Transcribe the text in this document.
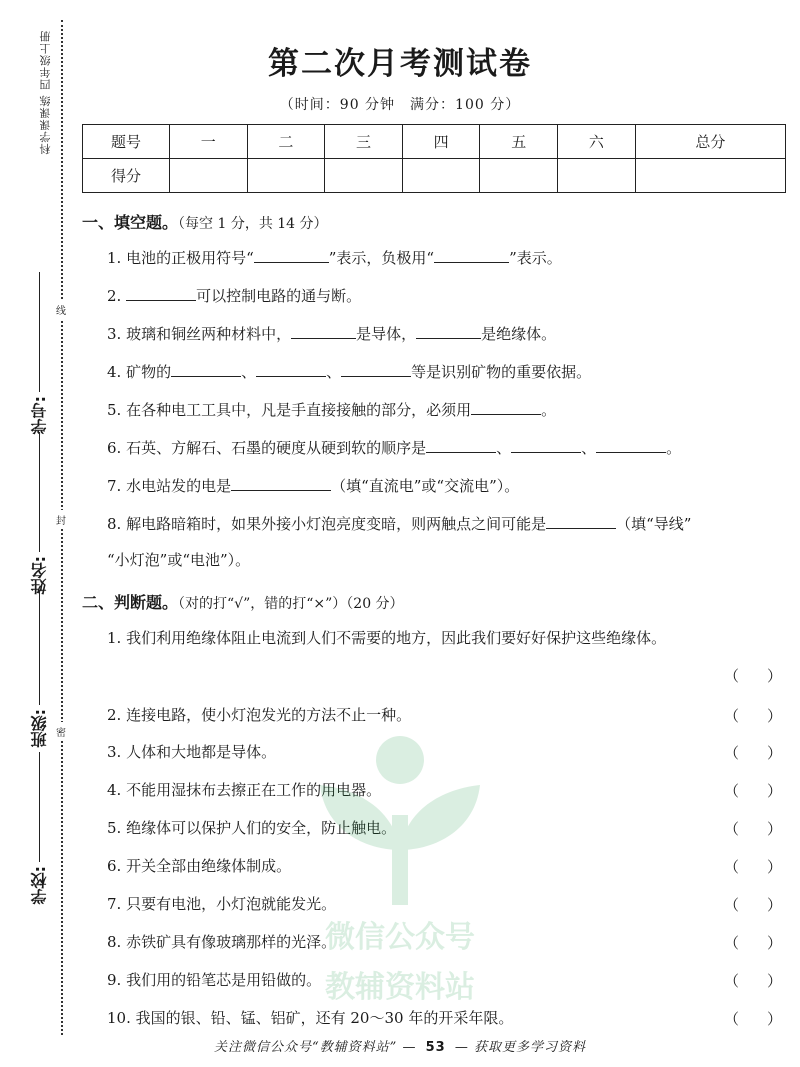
科学课课练 四年级上册
学号:
姓名:
班级:
学校:
线
封
密
第二次月考测试卷
（时间：90 分钟　满分：100 分）
题号	一	二	三	四	五	六	总分
得分							
一、填空题。（每空 1 分，共 14 分）
1. 电池的正极用符号“	”表示，负极用“	”表示。
2.	可以控制电路的通与断。
3. 玻璃和铜丝两种材料中，	是导体，	是绝缘体。
4. 矿物的	、	、	等是识别矿物的重要依据。
5. 在各种电工工具中，凡是手直接接触的部分，必须用	。
6. 石英、方解石、石墨的硬度从硬到软的顺序是	、	、	。
7. 水电站发的电是	（填“直流电”或“交流电”）。
8. 解电路暗箱时，如果外接小灯泡亮度变暗，则两触点之间可能是	（填“导线”
“小灯泡”或“电池”）。
二、判断题。（对的打“√”，错的打“×”）（20 分）
1. 我们利用绝缘体阻止电流到人们不需要的地方，因此我们要好好保护这些绝缘体。
（ ）
2. 连接电路，使小灯泡发光的方法不止一种。	（ ）
3. 人体和大地都是导体。	（ ）
4. 不能用湿抹布去擦正在工作的用电器。	（ ）
5. 绝缘体可以保护人们的安全，防止触电。	（ ）
6. 开关全部由绝缘体制成。	（ ）
7. 只要有电池，小灯泡就能发光。	（ ）
8. 赤铁矿具有像玻璃那样的光泽。	（ ）
9. 我们用的铅笔芯是用铅做的。	（ ）
10. 我国的银、铅、锰、铝矿，还有 20～30 年的开采年限。	（ ）
微信公众号
教辅资料站
关注微信公众号“教辅资料站” — 53 — 获取更多学习资料
